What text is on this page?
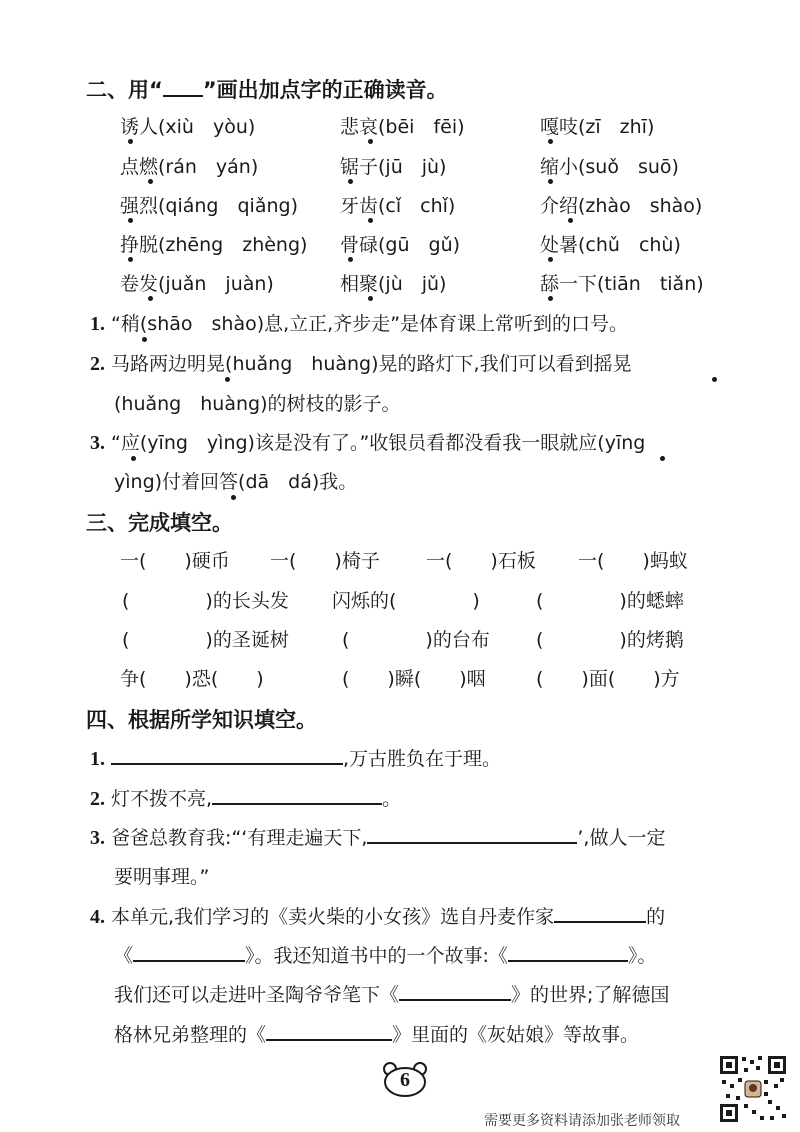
二、用“ ”画出加点字的正确读音。
诱人(xiù　yòu)	悲哀(bēi　fēi)	嘎吱(zī　zhī)
点燃(rán　yán)	锯子(jū　jù)	缩小(suǒ　suō)
强烈(qiáng　qiǎng) 牙齿(cǐ　chǐ)	介绍(zhào　shào)
挣脱(zhēng　zhèng) 骨碌(gū　gǔ)	处暑(chǔ　chù)
卷发(juǎn　juàn)	相聚(jù　jǔ)	舔一下(tiān　tiǎn)
1. “稍(shāo　shào)息,立正,齐步走”是体育课上常听到的口号。
2. 马路两边明晃(huǎng　huàng)晃的路灯下,我们可以看到摇晃
(huǎng　huàng)的树枝的影子。
3. “应(yīng　yìng)该是没有了。”收银员看都没看我一眼就应(yīng
yìng)付着回答(dā　dá)我。
三、完成填空。
一(　　)硬币 一(　　)椅子 一(　　)石板 一(　　)蚂蚁
(　　　　)的长头发 闪烁的(　　　　)	(　　　　)的蟋蟀
(　　　　)的圣诞树	(　　　　)的台布 (　　　　)的烤鹅
争(　　)恐(　　)	(　　)瞬(　　)咽	(　　)面(　　)方
四、根据所学知识填空。
1.	,万古胜负在于理。
2. 灯不拨不亮,	。
3. 爸爸总教育我:“‘有理走遍天下,	’,做人一定
要明事理。”
4. 本单元,我们学习的《卖火柴的小女孩》选自丹麦作家	的
《	》。我还知道书中的一个故事:《	》。
我们还可以走进叶圣陶爷爷笔下《	》的世界;了解德国
格林兄弟整理的《	》里面的《灰姑娘》等故事。
6
需要更多资料请添加张老师领取
